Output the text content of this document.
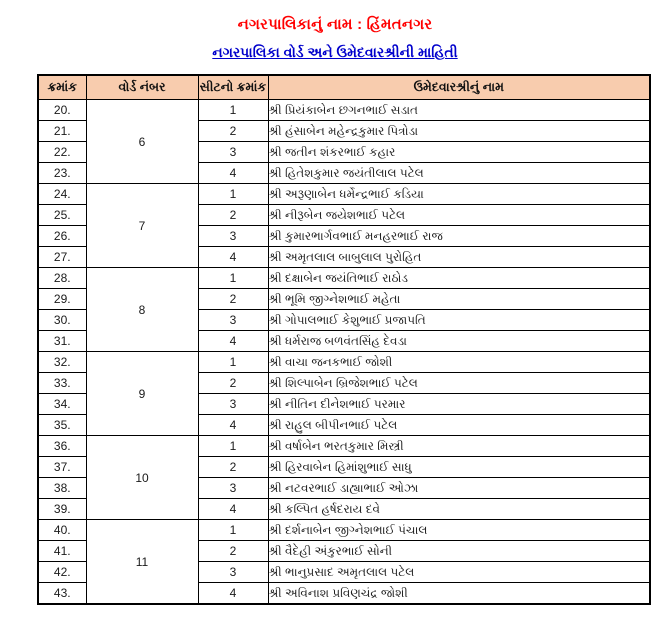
નગરપાલિકાનું નામ : હિંમતનગર
નગરપાલિકા વોર્ડ અને ઉમેદવારશ્રીની માહિતી
ક્રમાંક	વોર્ડ નંબર	સીટનો ક્રમાંક	ઉમેદવારશ્રીનું નામ
20.	6	1	શ્રી પ્રિયંકાબેન છગનભાઈ સડાત
21.		2	શ્રી હંસાબેન મહેન્દ્રકુમાર પિત્રોડા
22.		3	શ્રી જતીન શંકરભાઈ કહાર
23.		4	શ્રી હિતેશકુમાર જયંતીલાલ પટેલ
24.	7	1	શ્રી અરૂણાબેન ધર્મેન્દ્રભાઈ કડિયા
25.		2	શ્રી નીરૂબેન જયેશભાઈ પટેલ
26.		3	શ્રી કુમારભાર્ગવભાઈ મનહરભાઈ રાજ
27.		4	શ્રી અમૃતલાલ બાબુલાલ પુરોહિત
28.	8	1	શ્રી દક્ષાબેન જયંતિભાઈ રાઠોડ
29.		2	શ્રી ભૂમિ જીગ્નેશભાઈ મહેતા
30.		3	શ્રી ગોપાલભાઈ કેશુભાઈ પ્રજાપતિ
31.		4	શ્રી ધર્મરાજ બળવંતસિંહ દેવડા
32.	9	1	શ્રી વાચા જનકભાઈ જોશી
33.		2	શ્રી શિલ્પાબેન બ્રિજેશભાઈ પટેલ
34.		3	શ્રી નીતિન દીનેશભાઈ પરમાર
35.		4	શ્રી રાહુલ બીપીનભાઈ પટેલ
36.	10	1	શ્રી વર્ષાબેન ભરતકુમાર મિસ્ત્રી
37.		2	શ્રી હિરવાબેન હિમાંશુભાઈ સાધુ
38.		3	શ્રી નટવરભાઈ ડાહ્યાભાઈ ઓઝા
39.		4	શ્રી કલ્પિત હર્ષદરાય દવે
40.	11	1	શ્રી દર્શનાબેન જીગ્નેશભાઈ પંચાલ
41.		2	શ્રી વૈદેહી અંકુરભાઈ સોની
42.		3	શ્રી ભાનુપ્રસાદ અમૃતલાલ પટેલ
43.		4	શ્રી અવિનાશ પ્રવિણચંદ્ર જોશી
